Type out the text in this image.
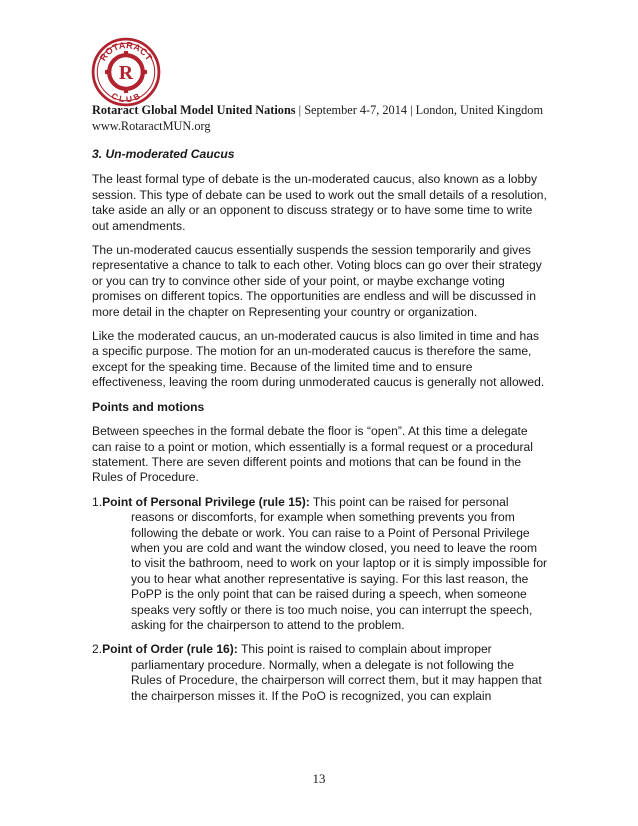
ROTARACT
CLUB
R
Rotaract Global Model United Nations | September 4-7, 2014 | London, United Kingdom www.RotaractMUN.org

3. Un-moderated Caucus

The least formal type of debate is the un-moderated caucus, also known as a lobby session. This type of debate can be used to work out the small details of a resolution, take aside an ally or an opponent to discuss strategy or to have some time to write out amendments.

The un-moderated caucus essentially suspends the session temporarily and gives representative a chance to talk to each other. Voting blocs can go over their strategy or you can try to convince other side of your point, or maybe exchange voting promises on different topics. The opportunities are endless and will be discussed in more detail in the chapter on Representing your country or organization.

Like the moderated caucus, an un-moderated caucus is also limited in time and has a specific purpose. The motion for an un-moderated caucus is therefore the same, except for the speaking time. Because of the limited time and to ensure effectiveness, leaving the room during unmoderated caucus is generally not allowed.

Points and motions

Between speeches in the formal debate the floor is “open”. At this time a delegate can raise to a point or motion, which essentially is a formal request or a procedural statement. There are seven different points and motions that can be found in the Rules of Procedure.

1.Point of Personal Privilege (rule 15): This point can be raised for personal reasons or discomforts, for example when something prevents you from following the debate or work. You can raise to a Point of Personal Privilege when you are cold and want the window closed, you need to leave the room to visit the bathroom, need to work on your laptop or it is simply impossible for you to hear what another representative is saying. For this last reason, the PoPP is the only point that can be raised during a speech, when someone speaks very softly or there is too much noise, you can interrupt the speech, asking for the chairperson to attend to the problem.

2.Point of Order (rule 16): This point is raised to complain about improper parliamentary procedure. Normally, when a delegate is not following the Rules of Procedure, the chairperson will correct them, but it may happen that the chairperson misses it. If the PoO is recognized, you can explain

13
